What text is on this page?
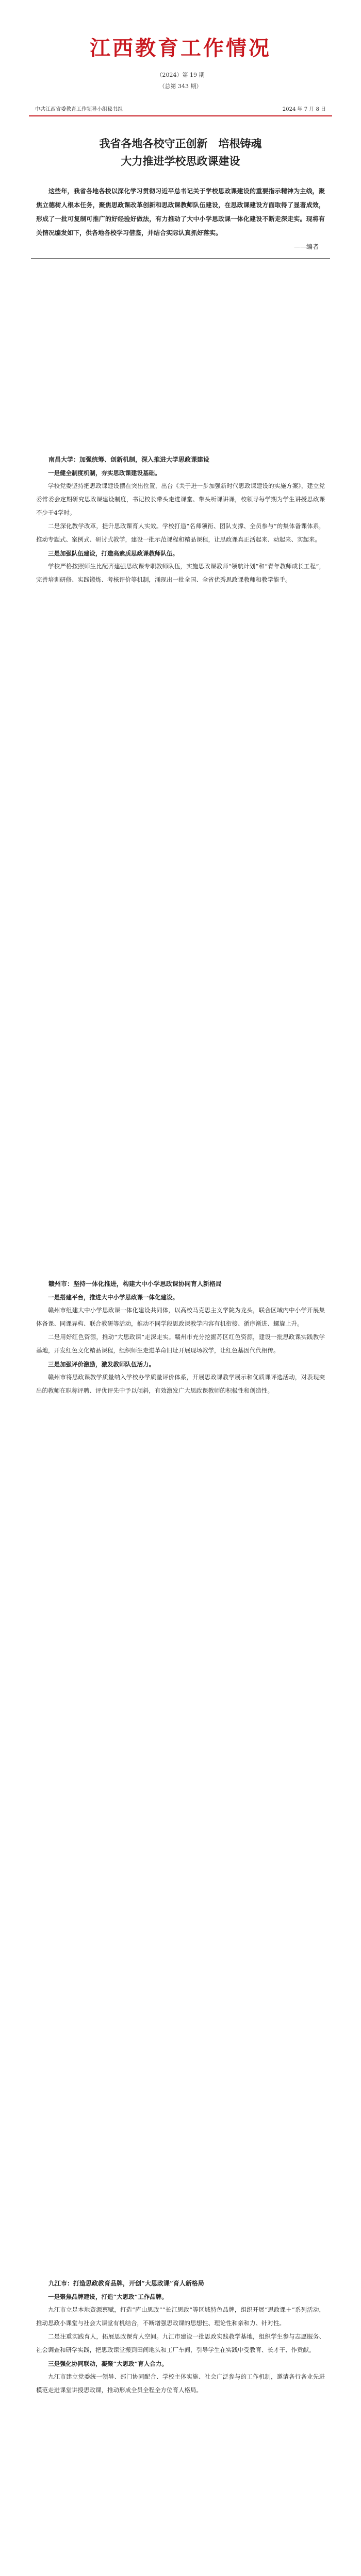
江西教育工作情况
（2024）第 19 期
（总第 343 期）
中共江西省委教育工作领导小组秘书组	2024 年 7 月 8 日
我省各地各校守正创新　培根铸魂
大力推进学校思政课建设

这些年，我省各地各校以深化学习贯彻习近平总书记关于学校思政课建设的重要指示精神为主线，聚焦立德树人根本任务，聚焦思政课改革创新和思政课教师队伍建设，在思政课建设方面取得了显著成效，形成了一批可复制可推广的好经验好做法，有力推动了大中小学思政课一体化建设不断走深走实。现将有关情况编发如下，供各地各校学习借鉴，并结合实际认真抓好落实。

——编者
南昌大学：加强统筹、创新机制，深入推进大学思政课建设
一是健全制度机制，夯实思政课建设基础。

学校党委坚持把思政课建设摆在突出位置，出台《关于进一步加强新时代思政课建设的实施方案》，建立党委常委会定期研究思政课建设制度，书记校长带头走进课堂、带头听课讲课，校领导每学期为学生讲授思政课不少于4学时。

二是深化教学改革，提升思政课育人实效。学校打造“名师领衔、团队支撑、全员参与”的集体备课体系，推动专题式、案例式、研讨式教学，建设一批示范课程和精品课程，让思政课真正活起来、动起来、实起来。

三是加强队伍建设，打造高素质思政课教师队伍。

学校严格按照师生比配齐建强思政课专职教师队伍，实施思政课教师“领航计划”和“青年教师成长工程”，完善培训研修、实践锻炼、考核评价等机制，涌现出一批全国、全省优秀思政课教师和教学能手。

赣州市：坚持一体化推进，构建大中小学思政课协同育人新格局
一是搭建平台，推进大中小学思政课一体化建设。

赣州市组建大中小学思政课一体化建设共同体，以高校马克思主义学院为龙头，联合区域内中小学开展集体备课、同课异构、联合教研等活动，推动不同学段思政课教学内容有机衔接、循序渐进、螺旋上升。

二是用好红色资源，推动“大思政课”走深走实。赣州市充分挖掘苏区红色资源，建设一批思政课实践教学基地，开发红色文化精品课程，组织师生走进革命旧址开展现场教学，让红色基因代代相传。

三是加强评价激励，激发教师队伍活力。

赣州市将思政课教学质量纳入学校办学质量评价体系，开展思政课教学展示和优质课评选活动，对表现突出的教师在职称评聘、评优评先中予以倾斜，有效激发广大思政课教师的积极性和创造性。

九江市：打造思政教育品牌，开创“大思政课”育人新格局
一是聚焦品牌建设，打造“大思政”工作品牌。

九江市立足本地资源禀赋，打造“庐山思政”“长江思政”等区域特色品牌，组织开展“思政课＋”系列活动，推动思政小课堂与社会大课堂有机结合，不断增强思政课的思想性、理论性和亲和力、针对性。

二是注重实践育人，拓展思政课育人空间。九江市建设一批思政实践教学基地，组织学生参与志愿服务、社会调查和研学实践，把思政课堂搬到田间地头和工厂车间，引导学生在实践中受教育、长才干、作贡献。

三是强化协同联动，凝聚“大思政”育人合力。

九江市建立党委统一领导、部门协同配合、学校主体实施、社会广泛参与的工作机制，邀请各行各业先进模范走进课堂讲授思政课，推动形成全员全程全方位育人格局。
